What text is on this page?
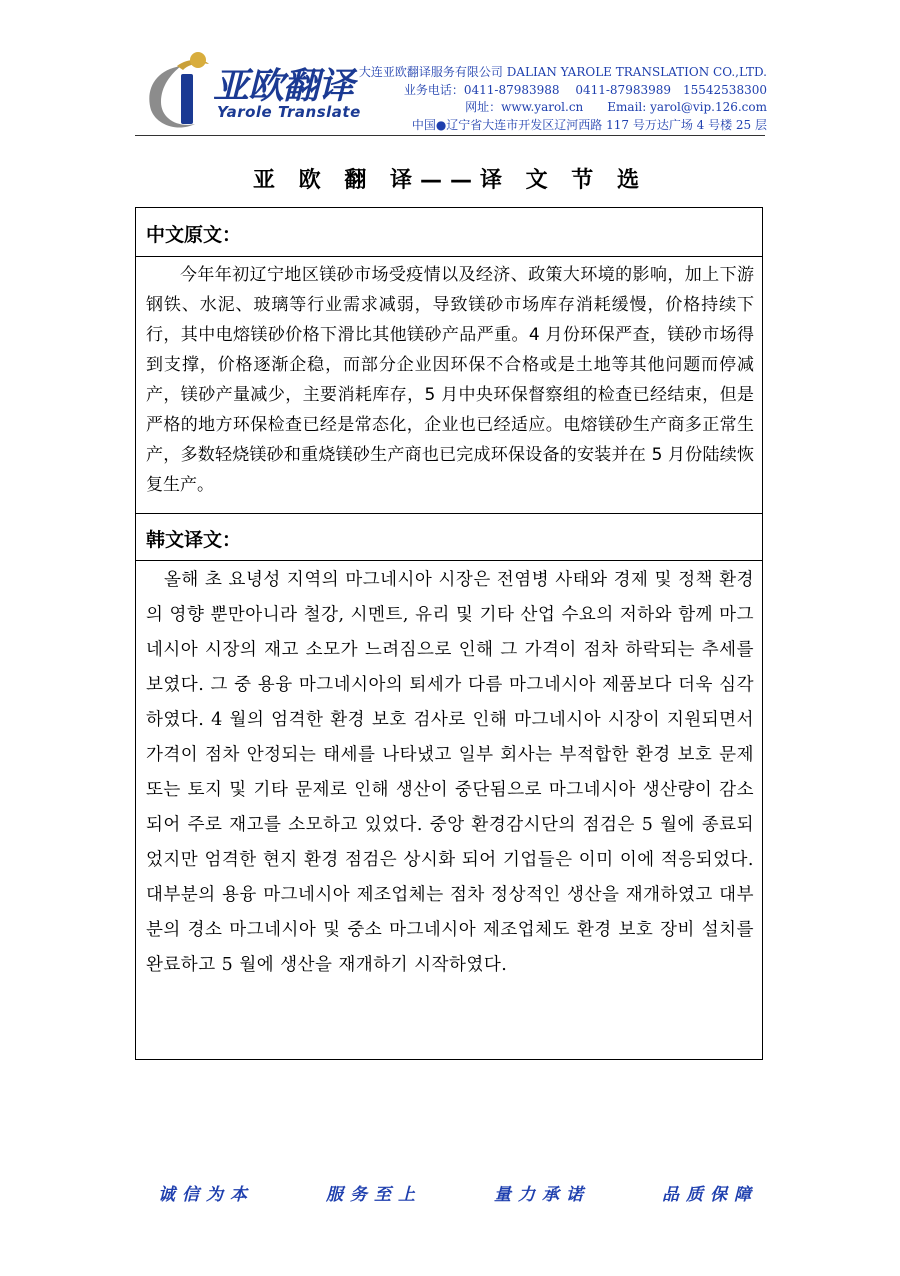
亚欧翻译
Yarole Translate
大连亚欧翻译服务有限公司 DALIAN YAROLE TRANSLATION CO.,LTD.
业务电话：0411-87983988　 0411-87983989　15542538300
网址：www.yarol.cn　　Email: yarol@vip.126.com
中国●辽宁省大连市开发区辽河西路 117 号万达广场 4 号楼 25 层
亚 欧 翻 译——译 文 节 选
中文原文：
今年年初辽宁地区镁砂市场受疫情以及经济、政策大环境的影响，加上下游钢铁、水泥、玻璃等行业需求减弱，导致镁砂市场库存消耗缓慢，价格持续下行，其中电熔镁砂价格下滑比其他镁砂产品严重。4 月份环保严查，镁砂市场得到支撑，价格逐渐企稳，而部分企业因环保不合格或是土地等其他问题而停减产，镁砂产量减少，主要消耗库存，5 月中央环保督察组的检查已经结束，但是严格的地方环保检查已经是常态化，企业也已经适应。电熔镁砂生产商多正常生产，多数轻烧镁砂和重烧镁砂生产商也已完成环保设备的安装并在 5 月份陆续恢复生产。
韩文译文：
올해 초 요녕성 지역의 마그네시아 시장은 전염병 사태와 경제 및 정책 환경의 영향 뿐만아니라 철강, 시멘트, 유리 및 기타 산업 수요의 저하와 함께 마그네시아 시장의 재고 소모가 느려짐으로 인해 그 가격이 점차 하락되는 추세를 보였다. 그 중 용융 마그네시아의 퇴세가 다름 마그네시아 제품보다 더욱 심각하였다. 4 월의 엄격한 환경 보호 검사로 인해 마그네시아 시장이 지원되면서 가격이 점차 안정되는 태세를 나타냈고 일부 회사는 부적합한 환경 보호 문제 또는 토지 및 기타 문제로 인해 생산이 중단됨으로 마그네시아 생산량이 감소되어 주로 재고를 소모하고 있었다. 중앙 환경감시단의 점검은 5 월에 종료되었지만 엄격한 현지 환경 점검은 상시화 되어 기업들은 이미 이에 적응되었다. 대부분의 용융 마그네시아 제조업체는 점차 정상적인 생산을 재개하였고 대부분의 경소 마그네시아 및 중소 마그네시아 제조업체도 환경 보호 장비 설치를 완료하고 5 월에 생산을 재개하기 시작하였다.
诚信为本	服务至上	量力承诺	品质保障
